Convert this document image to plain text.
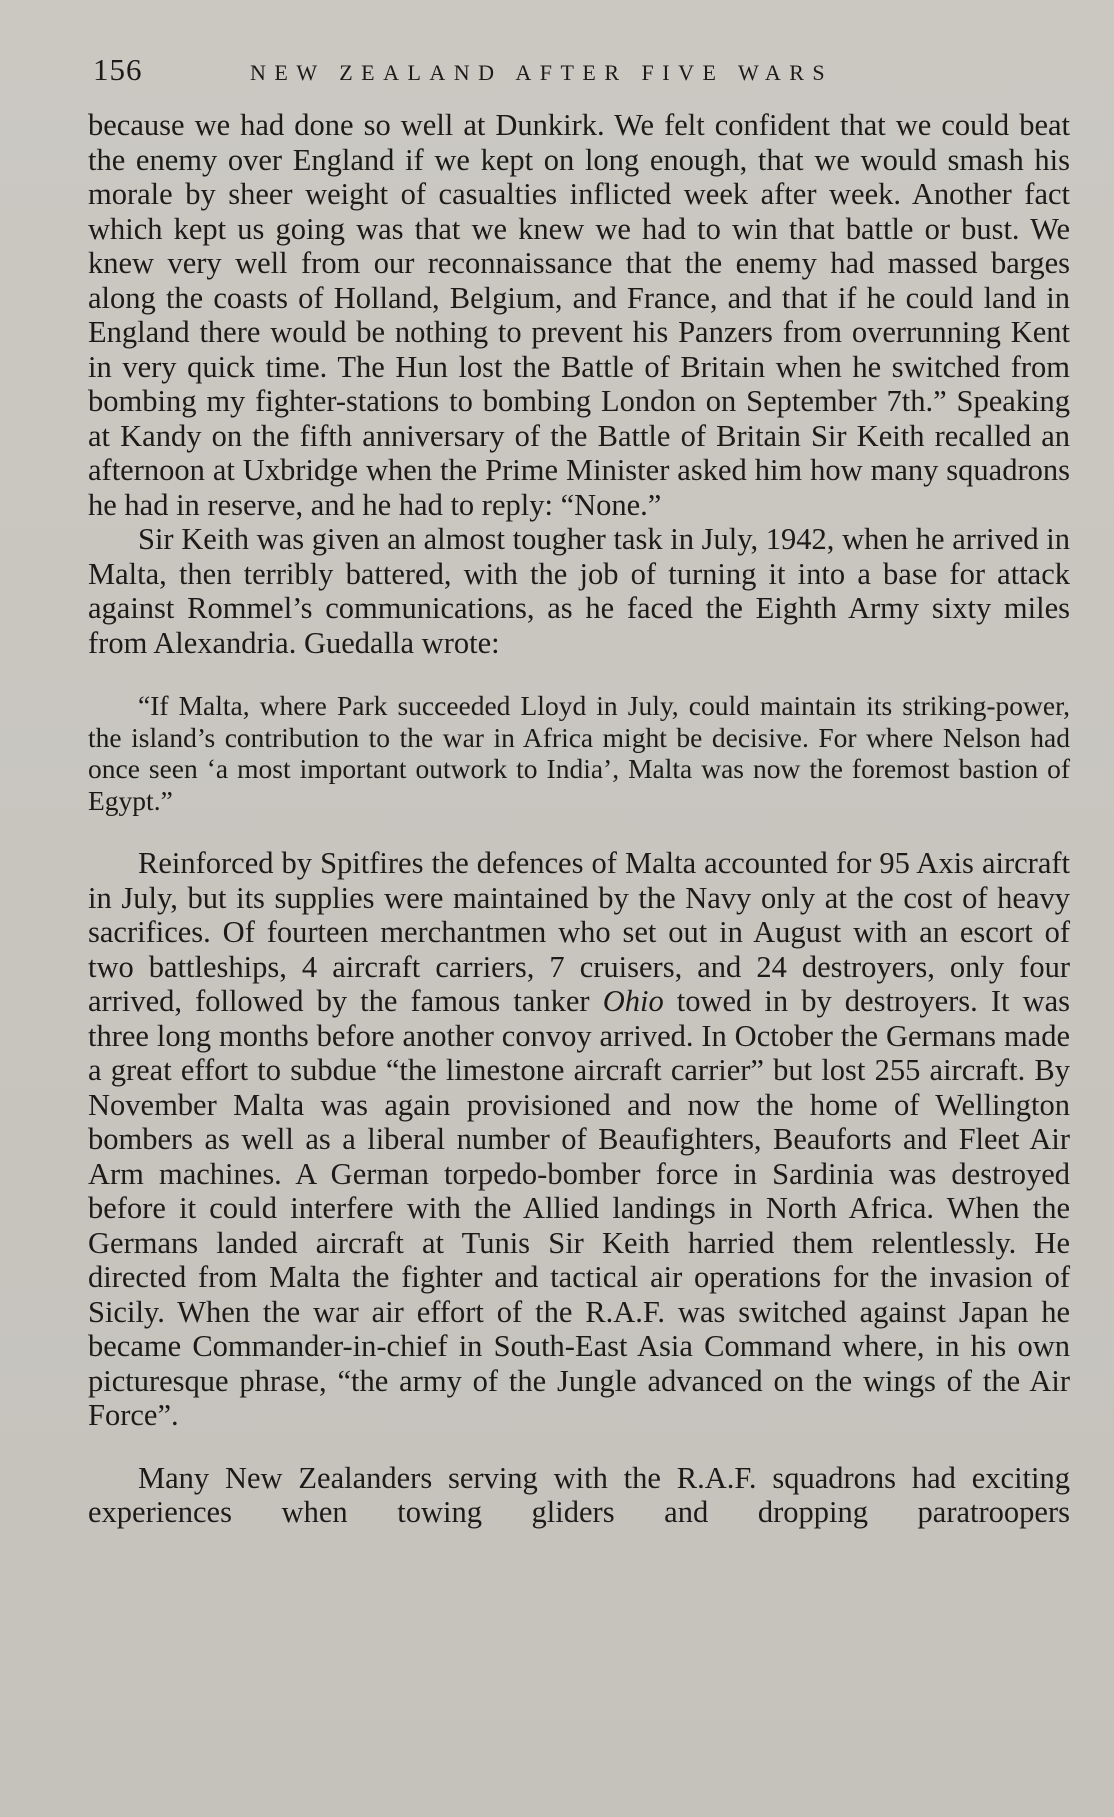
156	NEW ZEALAND AFTER FIVE WARS

because we had done so well at Dunkirk. We felt confident that we could beat the enemy over England if we kept on long enough, that we would smash his morale by sheer weight of casualties inflicted week after week. Another fact which kept us going was that we knew we had to win that battle or bust. We knew very well from our reconnaissance that the enemy had massed barges along the coasts of Holland, Belgium, and France, and that if he could land in England there would be nothing to prevent his Panzers from overrunning Kent in very quick time. The Hun lost the Battle of Britain when he switched from bombing my fighter-stations to bombing London on September 7th.” Speaking at Kandy on the fifth anniversary of the Battle of Britain Sir Keith recalled an afternoon at Uxbridge when the Prime Minister asked him how many squadrons he had in reserve, and he had to reply: “None.”

Sir Keith was given an almost tougher task in July, 1942, when he arrived in Malta, then terribly battered, with the job of turning it into a base for attack against Rommel’s communications, as he faced the Eighth Army sixty miles from Alexandria. Guedalla wrote:

“If Malta, where Park succeeded Lloyd in July, could maintain its striking-power, the island’s contribution to the war in Africa might be decisive. For where Nelson had once seen ‘a most important outwork to India’, Malta was now the foremost bastion of Egypt.”

Reinforced by Spitfires the defences of Malta accounted for 95 Axis aircraft in July, but its supplies were maintained by the Navy only at the cost of heavy sacrifices. Of fourteen merchantmen who set out in August with an escort of two battleships, 4 aircraft carriers, 7 cruisers, and 24 destroyers, only four arrived, followed by the famous tanker Ohio towed in by destroyers. It was three long months before another convoy arrived. In October the Germans made a great effort to subdue “the limestone aircraft carrier” but lost 255 aircraft. By November Malta was again provisioned and now the home of Wellington bombers as well as a liberal number of Beaufighters, Beauforts and Fleet Air Arm machines. A German torpedo-bomber force in Sardinia was destroyed before it could interfere with the Allied landings in North Africa. When the Germans landed aircraft at Tunis Sir Keith harried them relentlessly. He directed from Malta the fighter and tactical air operations for the invasion of Sicily. When the war air effort of the R.A.F. was switched against Japan he became Commander-in-chief in South-East Asia Command where, in his own picturesque phrase, “the army of the Jungle advanced on the wings of the Air Force”.

Many New Zealanders serving with the R.A.F. squadrons had exciting experiences when towing gliders and dropping paratroopers
